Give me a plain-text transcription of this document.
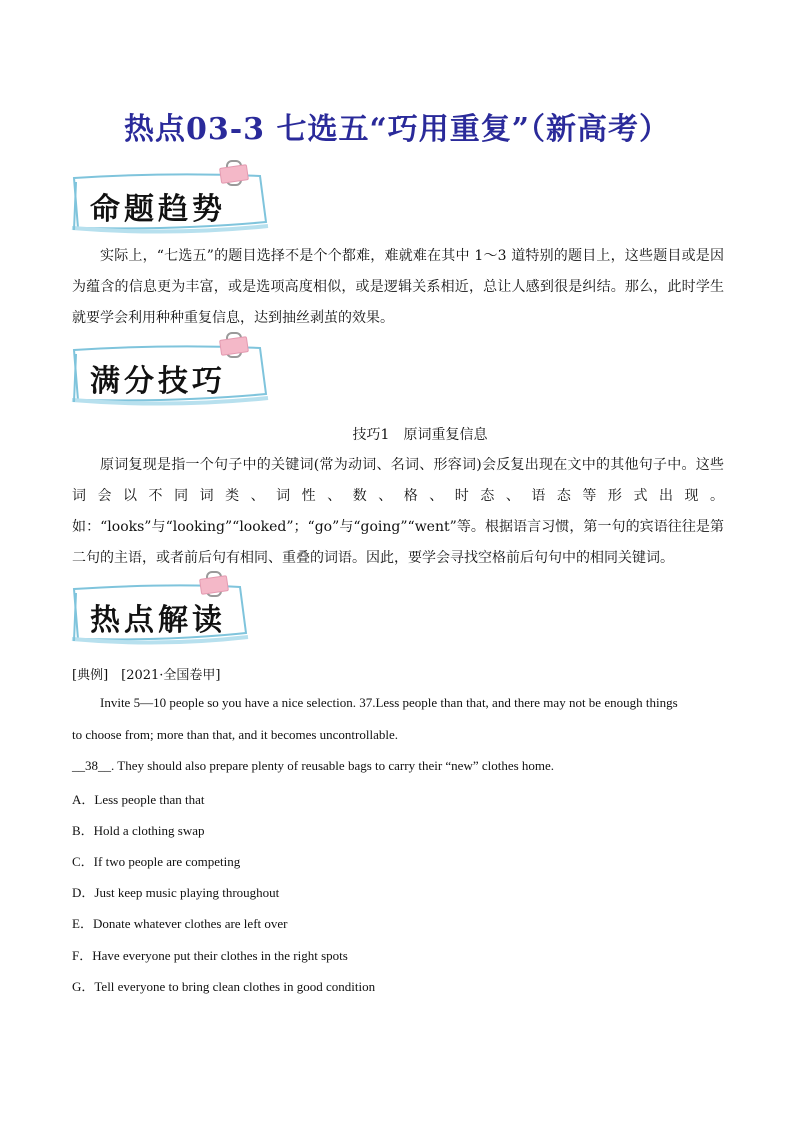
热点03-3 七选五“巧用重复”（新高考）
命题趋势
实际上，“七选五”的题目选择不是个个都难，难就难在其中 1～3 道特别的题目上，这些题目或是因为蕴含的信息更为丰富，或是选项高度相似，或是逻辑关系相近，总让人感到很是纠结。那么，此时学生就要学会利用种种重复信息，达到抽丝剥茧的效果。
满分技巧
技巧1　原词重复信息
原词复现是指一个句子中的关键词(常为动词、名词、形容词)会反复出现在文中的其他句子中。这些词会以不同词类、词性、数、格、时态、语态等形式出现。如：“looks”与“looking”“looked”；“go”与“going”“went”等。根据语言习惯，第一句的宾语往往是第二句的主语，或者前后句有相同、重叠的词语。因此，要学会寻找空格前后句句中的相同关键词。
热点解读
[典例]　[2021·全国卷甲]
Invite 5—10 people so you have a nice selection. 37.Less people than that, and there may not be enough things
to choose from; more than that, and it becomes uncontrollable.
__38__. They should also prepare plenty of reusable bags to carry their “new” clothes home.
A．Less people than that
B．Hold a clothing swap
C．If two people are competing
D．Just keep music playing throughout
E．Donate whatever clothes are left over
F．Have everyone put their clothes in the right spots
G．Tell everyone to bring clean clothes in good condition
